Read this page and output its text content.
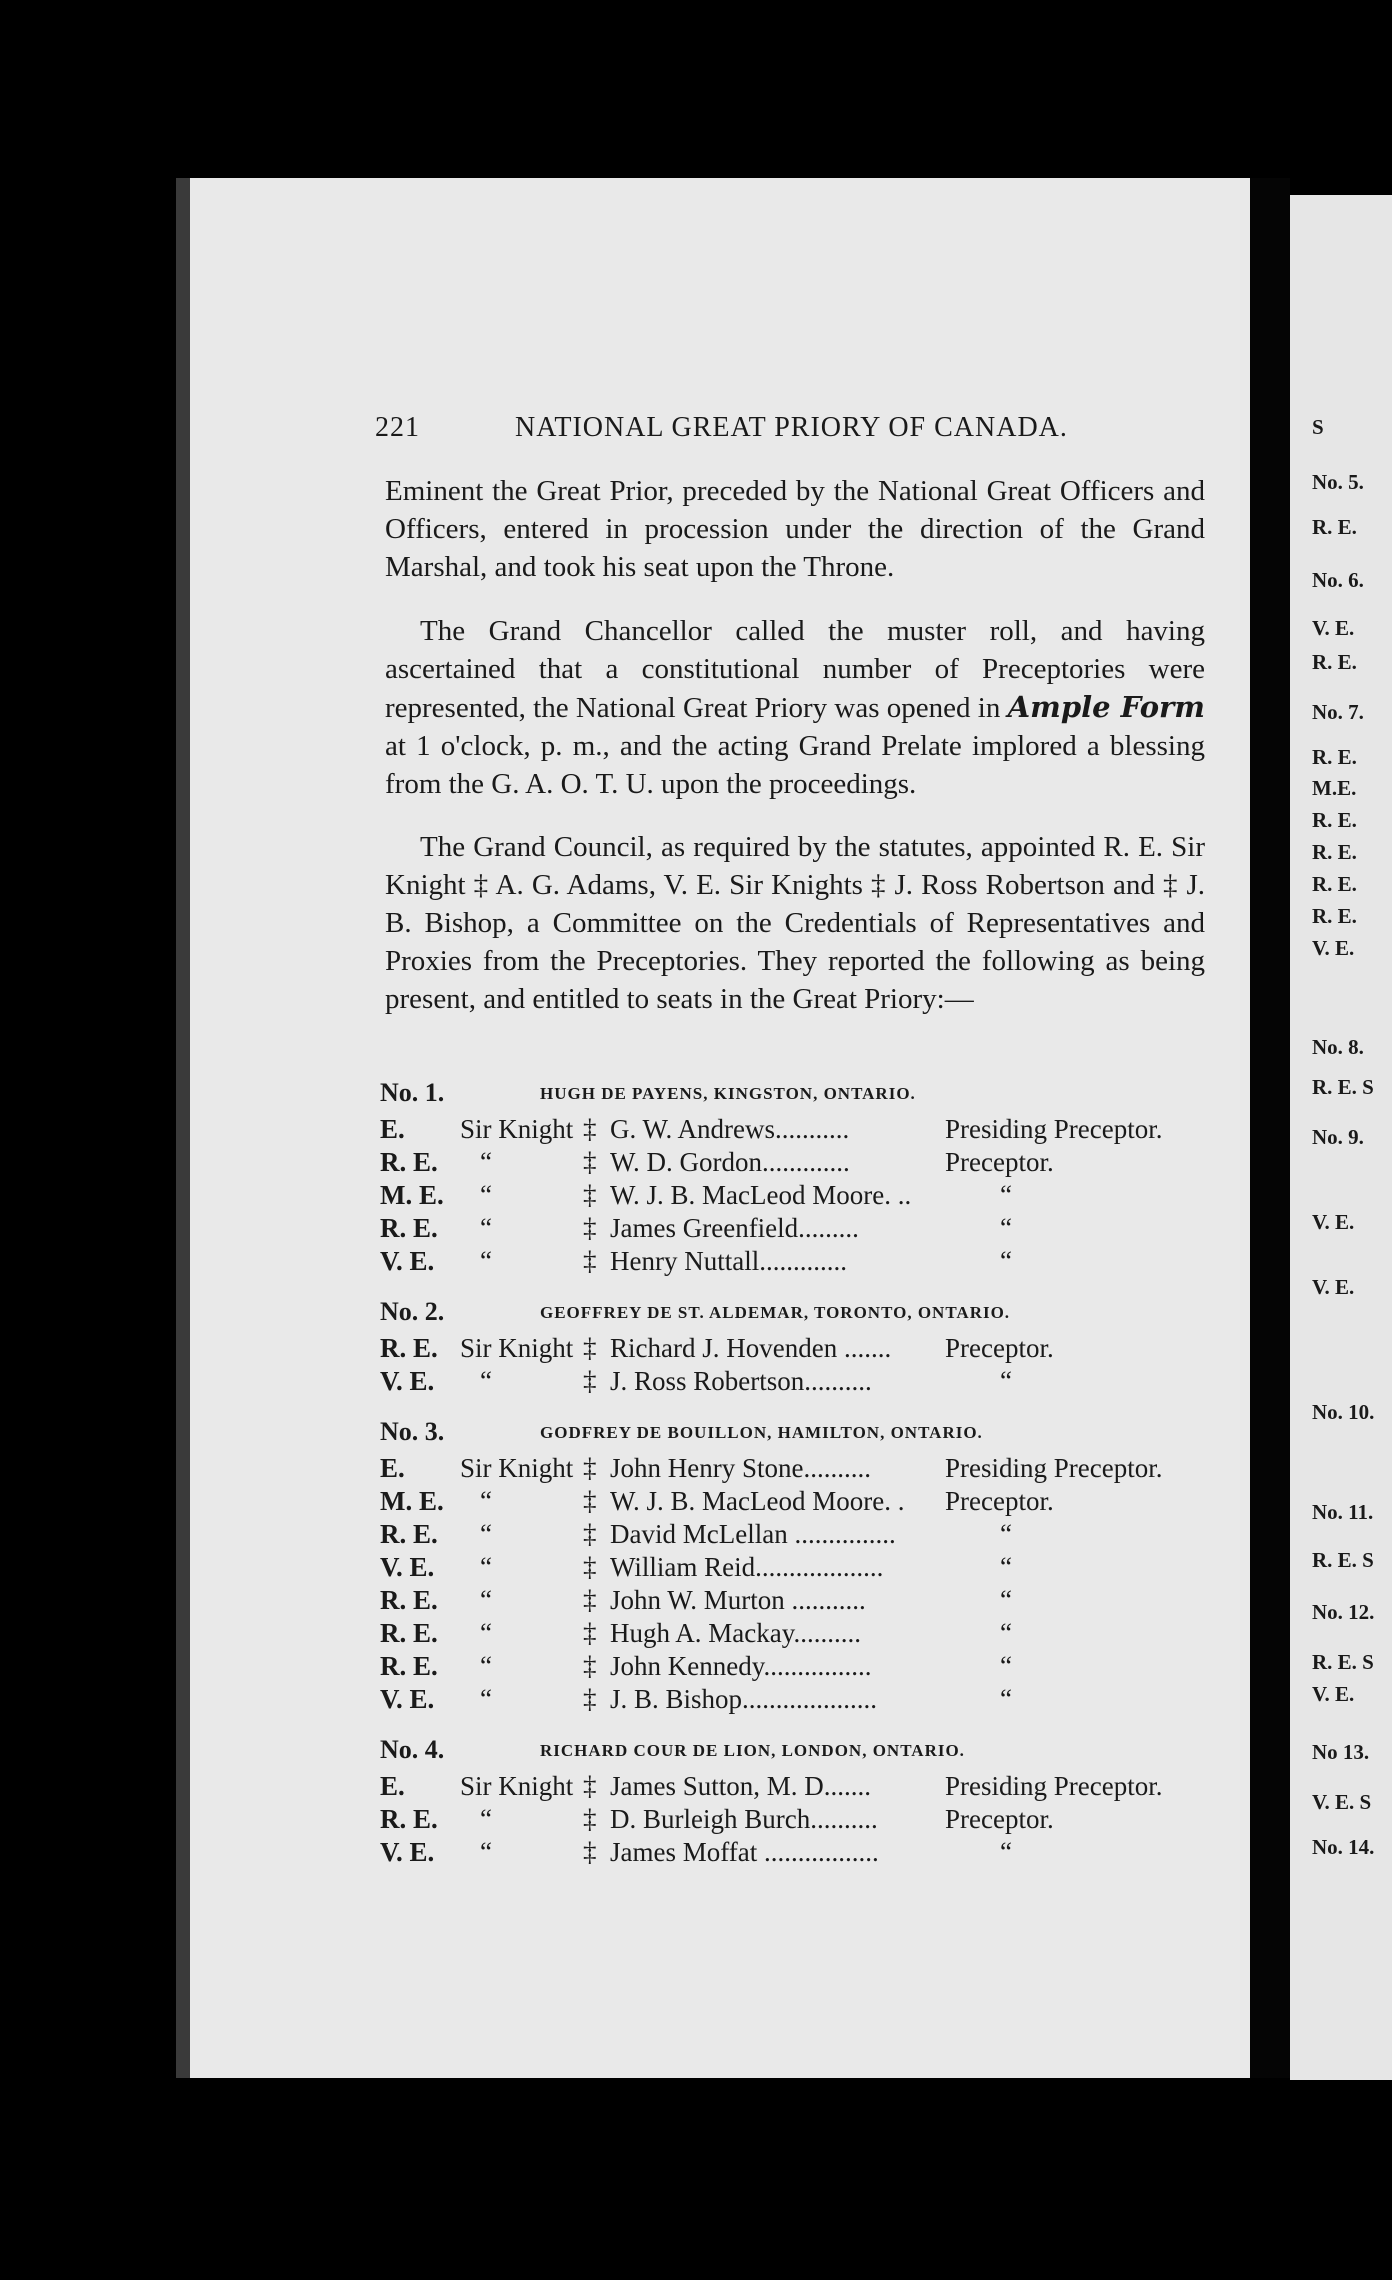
221	NATIONAL GREAT PRIORY OF CANADA.

Eminent the Great Prior, preceded by the National Great Officers and Officers, entered in procession under the direction of the Grand Marshal, and took his seat upon the Throne.

The Grand Chancellor called the muster roll, and having ascertained that a constitutional number of Preceptories were represented, the National Great Priory was opened in Ample Form at 1 o'clock, p. m., and the acting Grand Prelate implored a blessing from the G. A. O. T. U. upon the proceedings.

The Grand Council, as required by the statutes, appointed R. E. Sir Knight ‡ A. G. Adams, V. E. Sir Knights ‡ J. Ross Robertson and ‡ J. B. Bishop, a Committee on the Credentials of Representatives and Proxies from the Preceptories. They reported the following as being present, and entitled to seats in the Great Priory:—

No. 1.	HUGH DE PAYENS, KINGSTON, ONTARIO.
E.	Sir Knight ‡ G. W. Andrews...........	Presiding Preceptor.
R. E.	“	‡ W. D. Gordon.............	Preceptor.
M. E.	“	‡ W. J. B. MacLeod Moore. ..	“
R. E.	“	‡ James Greenfield.........	“
V. E.	“	‡ Henry Nuttall.............	“
No. 2.	GEOFFREY DE ST. ALDEMAR, TORONTO, ONTARIO.
R. E. Sir Knight ‡ Richard J. Hovenden ....... Preceptor.
V. E.	“	‡ J. Ross Robertson..........	“
No. 3.	GODFREY DE BOUILLON, HAMILTON, ONTARIO.
E.	Sir Knight ‡ John Henry Stone..........	Presiding Preceptor.
M. E.	“	‡ W. J. B. MacLeod Moore. . Preceptor.
R. E.	“	‡ David McLellan ...............	“
V. E.	“	‡ William Reid...................	“
R. E.	“	‡ John W. Murton ...........	“
R. E.	“	‡ Hugh A. Mackay..........	“
R. E.	“	‡ John Kennedy................	“
V. E.	“	‡ J. B. Bishop....................	“
No. 4.	RICHARD COUR DE LION, LONDON, ONTARIO.
E.	Sir Knight ‡ James Sutton, M. D.......	Presiding Preceptor.
R. E.	“	‡ D. Burleigh Burch.......... Preceptor.
V. E.	“	‡ James Moffat .................	“
S
No. 5.
R. E.
No. 6.
V. E.
R. E.
No. 7.
R. E.
M.E.
R. E.
R. E.
R. E.
R. E.
V. E.
No. 8.
R. E. S
No. 9.
V. E.
V. E.
No. 10.
No. 11.
R. E. S
No. 12.
R. E. S
V. E.
No 13.
V. E. S
No. 14.
